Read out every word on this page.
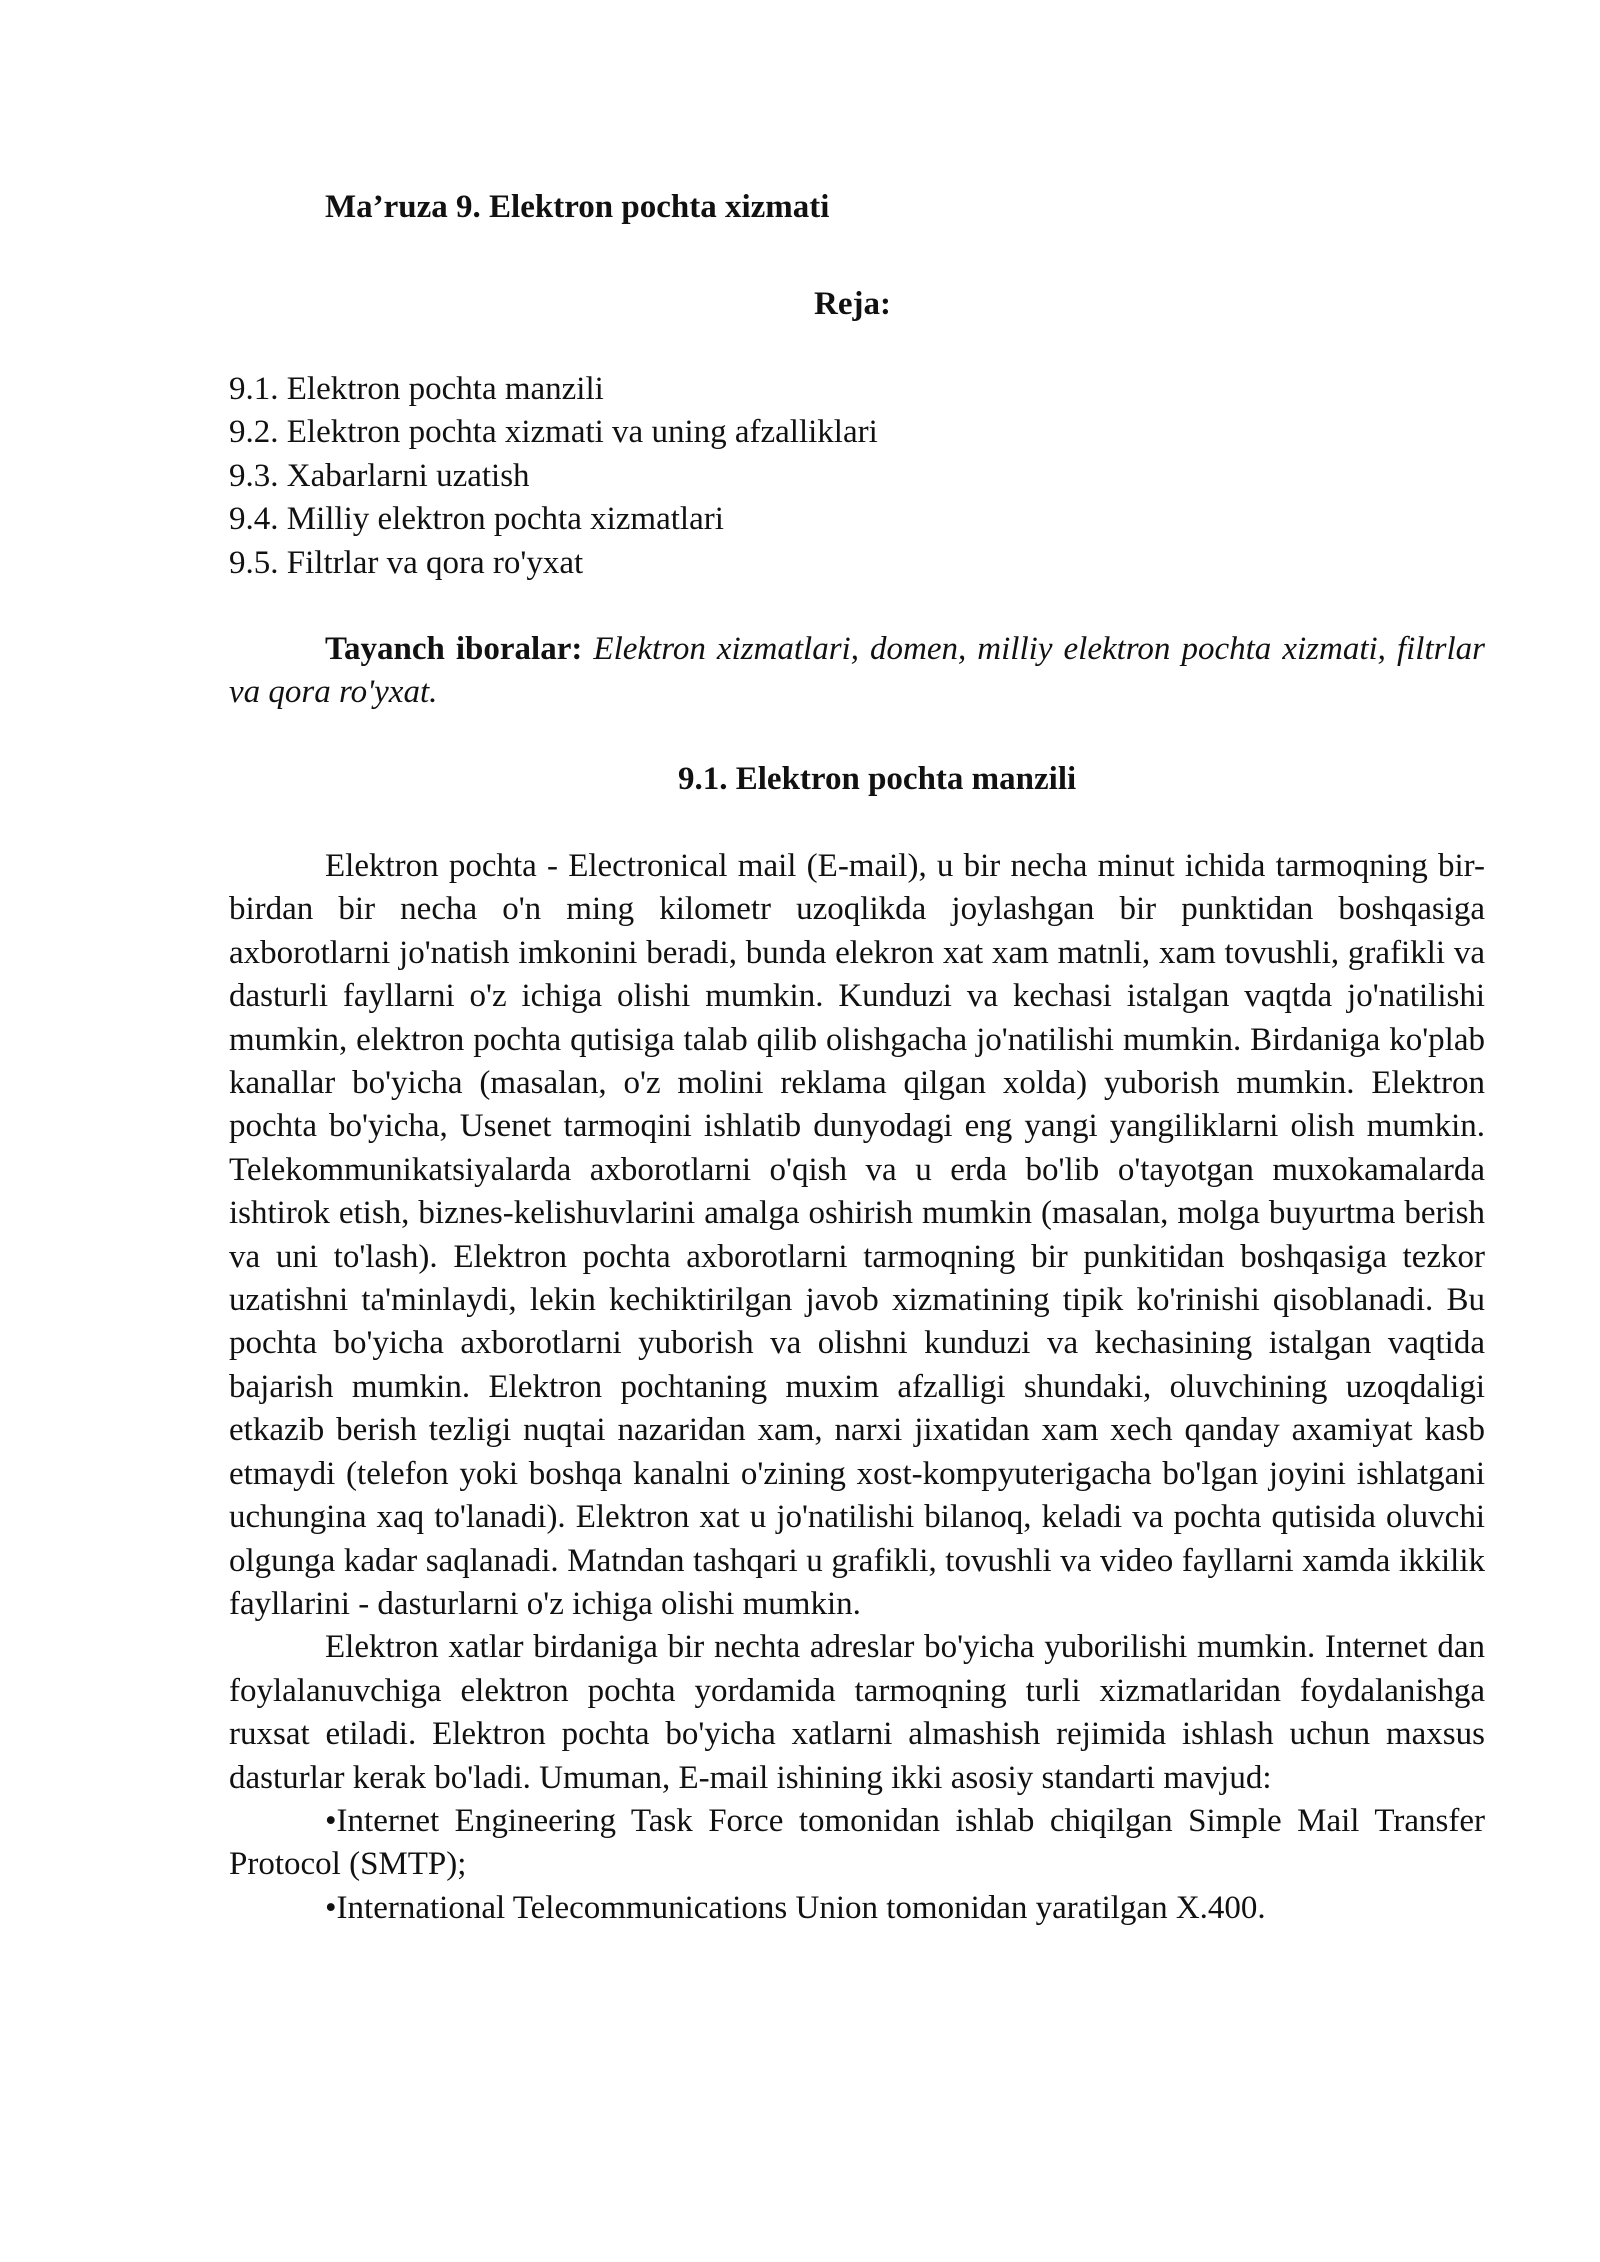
Ma’ruza 9. Elektron pochta xizmati
Reja:
9.1. Elektron pochta manzili
9.2. Elektron pochta xizmati va uning afzalliklari
9.3. Xabarlarni uzatish
9.4. Milliy elektron pochta xizmatlari
9.5. Filtrlar va qora ro'yxat

Tayanch iboralar: Elektron xizmatlari, domen, milliy elektron pochta xizmati, filtrlar va qora ro'yxat.

9.1. Elektron pochta manzili

Elektron pochta - Electronical mail (E-mail), u bir necha minut ichida tarmoqning bir-birdan bir necha o'n ming kilometr uzoqlikda joylashgan bir punktidan boshqasiga axborotlarni jo'natish imkonini beradi, bunda elekron xat xam matnli, xam tovushli, grafikli va dasturli fayllarni o'z ichiga olishi mumkin. Kunduzi va kechasi istalgan vaqtda jo'natilishi mumkin, elektron pochta qutisiga talab qilib olishgacha jo'natilishi mumkin. Birdaniga ko'plab kanallar bo'yicha (masalan, o'z molini reklama qilgan xolda) yuborish mumkin. Elektron pochta bo'yicha, Usenet tarmoqini ishlatib dunyodagi eng yangi yangiliklarni olish mumkin. Telekommunikatsiyalarda axborotlarni o'qish va u erda bo'lib o'tayotgan muxokamalarda ishtirok etish, biznes-kelishuvlarini amalga oshirish mumkin (masalan, molga buyurtma berish va uni to'lash). Elektron pochta axborotlarni tarmoqning bir punkitidan boshqasiga tezkor uzatishni ta'minlaydi, lekin kechiktirilgan javob xizmatining tipik ko'rinishi qisoblanadi. Bu pochta bo'yicha axborotlarni yuborish va olishni kunduzi va kechasining istalgan vaqtida bajarish mumkin. Elektron pochtaning muxim afzalligi shundaki, oluvchining uzoqdaligi etkazib berish tezligi nuqtai nazaridan xam, narxi jixatidan xam xech qanday axamiyat kasb etmaydi (telefon yoki boshqa kanalni o'zining xost-kompyuterigacha bo'lgan joyini ishlatgani uchungina xaq to'lanadi). Elektron xat u jo'natilishi bilanoq, keladi va pochta qutisida oluvchi olgunga kadar saqlanadi. Matndan tashqari u grafikli, tovushli va video fayllarni xamda ikkilik fayllarini - dasturlarni o'z ichiga olishi mumkin.

Elektron xatlar birdaniga bir nechta adreslar bo'yicha yuborilishi mumkin. Internet dan foylalanuvchiga elektron pochta yordamida tarmoqning turli xizmatlaridan foydalanishga ruxsat etiladi. Elektron pochta bo'yicha xatlarni almashish rejimida ishlash uchun maxsus dasturlar kerak bo'ladi. Umuman, E-mail ishining ikki asosiy standarti mavjud:

•Internet Engineering Task Force tomonidan ishlab chiqilgan Simple Mail Transfer Protocol (SMTP);

•International Telecommunications Union tomonidan yaratilgan X.400.
